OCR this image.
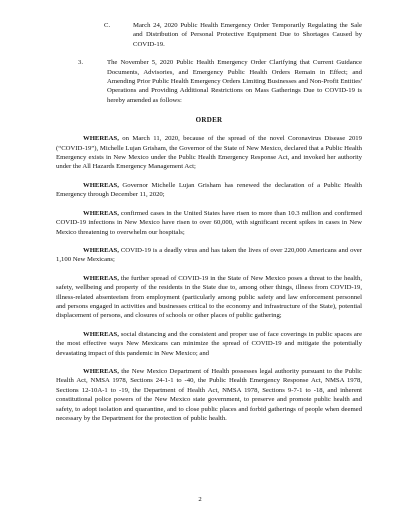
C.	March 24, 2020 Public Health Emergency Order Temporarily Regulating the Sale and Distribution of Personal Protective Equipment Due to Shortages Caused by COVID-19.
3.	The November 5, 2020 Public Health Emergency Order Clarifying that Current Guidance Documents, Advisories, and Emergency Public Health Orders Remain in Effect; and Amending Prior Public Health Emergency Orders Limiting Businesses and Non-Profit Entities' Operations and Providing Additional Restrictions on Mass Gatherings Due to COVID-19 is hereby amended as follows:
ORDER

WHEREAS, on March 11, 2020, because of the spread of the novel Coronavirus Disease 2019 (“COVID-19”), Michelle Lujan Grisham, the Governor of the State of New Mexico, declared that a Public Health Emergency exists in New Mexico under the Public Health Emergency Response Act, and invoked her authority under the All Hazards Emergency Management Act;

WHEREAS, Governor Michelle Lujan Grisham has renewed the declaration of a Public Health Emergency through December 11, 2020;

WHEREAS, confirmed cases in the United States have risen to more than 10.3 million and confirmed COVID-19 infections in New Mexico have risen to over 60,000, with significant recent spikes in cases in New Mexico threatening to overwhelm our hospitals;

WHEREAS, COVID-19 is a deadly virus and has taken the lives of over 220,000 Americans and over 1,100 New Mexicans;

WHEREAS, the further spread of COVID-19 in the State of New Mexico poses a threat to the health, safety, wellbeing and property of the residents in the State due to, among other things, illness from COVID-19, illness-related absenteeism from employment (particularly among public safety and law enforcement personnel and persons engaged in activities and businesses critical to the economy and infrastructure of the State), potential displacement of persons, and closures of schools or other places of public gathering;

WHEREAS, social distancing and the consistent and proper use of face coverings in public spaces are the most effective ways New Mexicans can minimize the spread of COVID-19 and mitigate the potentially devastating impact of this pandemic in New Mexico; and

WHEREAS, the New Mexico Department of Health possesses legal authority pursuant to the Public Health Act, NMSA 1978, Sections 24-1-1 to -40, the Public Health Emergency Response Act, NMSA 1978, Sections 12-10A-1 to -19, the Department of Health Act, NMSA 1978, Sections 9-7-1 to -18, and inherent constitutional police powers of the New Mexico state government, to preserve and promote public health and safety, to adopt isolation and quarantine, and to close public places and forbid gatherings of people when deemed necessary by the Department for the protection of public health.

2
